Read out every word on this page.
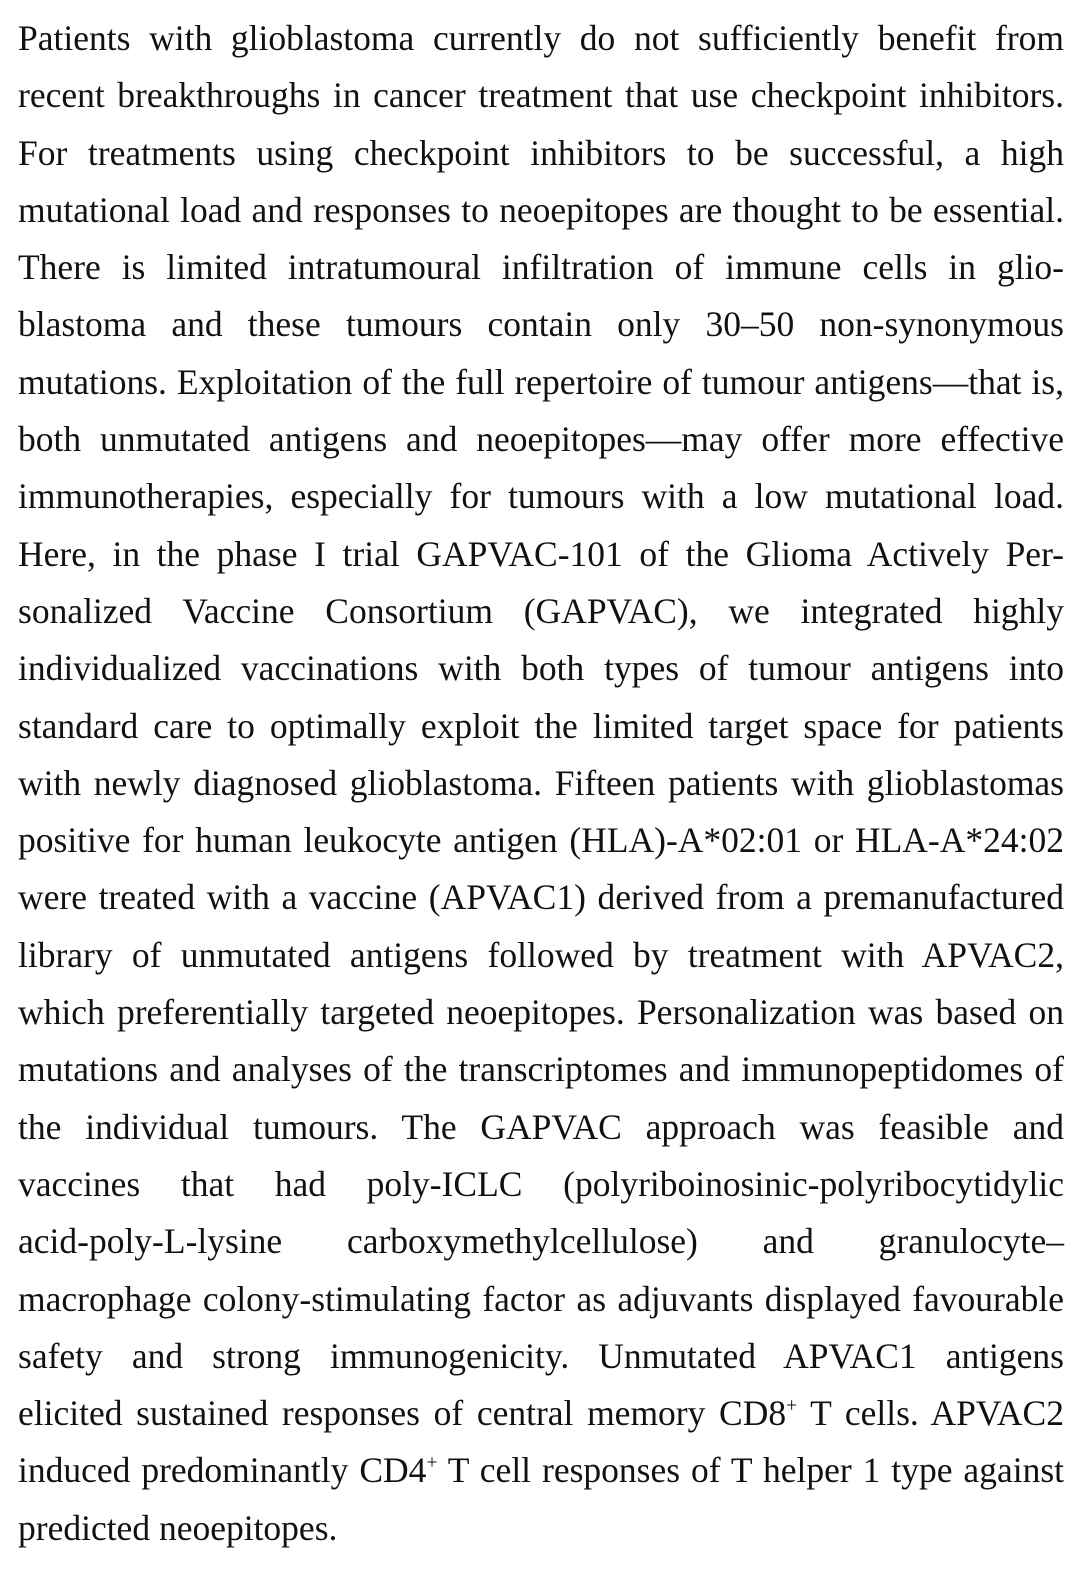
Patients with glioblastoma currently do not sufficiently benefit from
recent breakthroughs in cancer treatment that use checkpoint inhibitors.
For treatments using checkpoint inhibitors to be successful, a high
mutational load and responses to neoepitopes are thought to be essential.
There is limited intratumoural infiltration of immune cells in glio-
blastoma and these tumours contain only 30–50 non-synonymous
mutations. Exploitation of the full repertoire of tumour antigens—that is,
both unmutated antigens and neoepitopes—may offer more effective
immunotherapies, especially for tumours with a low mutational load.
Here, in the phase I trial GAPVAC-101 of the Glioma Actively Per-
sonalized Vaccine Consortium (GAPVAC), we integrated highly
individualized vaccinations with both types of tumour antigens into
standard care to optimally exploit the limited target space for patients
with newly diagnosed glioblastoma. Fifteen patients with glioblastomas
positive for human leukocyte antigen (HLA)-A*02:01 or HLA-A*24:02
were treated with a vaccine (APVAC1) derived from a premanufactured
library of unmutated antigens followed by treatment with APVAC2,
which preferentially targeted neoepitopes. Personalization was based on
mutations and analyses of the transcriptomes and immunopeptidomes of
the individual tumours. The GAPVAC approach was feasible and
vaccines that had poly-ICLC (polyriboinosinic-polyribocytidylic
acid-poly-L-lysine carboxymethylcellulose) and granulocyte–
macrophage colony-stimulating factor as adjuvants displayed favourable
safety and strong immunogenicity. Unmutated APVAC1 antigens
elicited sustained responses of central memory CD8+ T cells. APVAC2
induced predominantly CD4+ T cell responses of T helper 1 type against
predicted neoepitopes.
